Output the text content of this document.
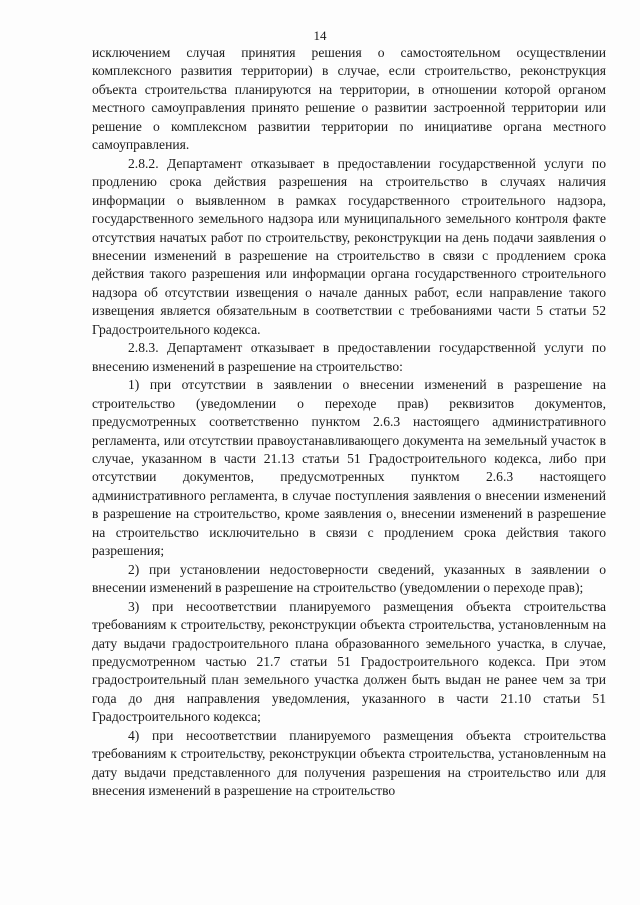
14

исключением случая принятия решения о самостоятельном осуществлении комплексного развития территории) в случае, если строительство, реконструкция объекта строительства планируются на территории, в отношении которой органом местного самоуправления принято решение о развитии застроенной территории или решение о комплексном развитии территории по инициативе органа местного самоуправления.

2.8.2. Департамент отказывает в предоставлении государственной услуги по продлению срока действия разрешения на строительство в случаях наличия информации о выявленном в рамках государственного строительного надзора, государственного земельного надзора или муниципального земельного контроля факте отсутствия начатых работ по строительству, реконструкции на день подачи заявления о внесении изменений в разрешение на строительство в связи с продлением срока действия такого разрешения или информации органа государственного строительного надзора об отсутствии извещения о начале данных работ, если направление такого извещения является обязательным в соответствии с требованиями части 5 статьи 52 Градостроительного кодекса.

2.8.3. Департамент отказывает в предоставлении государственной услуги по внесению изменений в разрешение на строительство:

1) при отсутствии в заявлении о внесении изменений в разрешение на строительство (уведомлении о переходе прав) реквизитов документов, предусмотренных соответственно пунктом 2.6.3 настоящего административного регламента, или отсутствии правоустанавливающего документа на земельный участок в случае, указанном в части 21.13 статьи 51 Градостроительного кодекса, либо при отсутствии документов, предусмотренных пунктом 2.6.3 настоящего административного регламента, в случае поступления заявления о внесении изменений в разрешение на строительство, кроме заявления о, внесении изменений в разрешение на строительство исключительно в связи с продлением срока действия такого разрешения;

2) при установлении недостоверности сведений, указанных в заявлении о внесении изменений в разрешение на строительство (уведомлении о переходе прав);

3) при несоответствии планируемого размещения объекта строительства требованиям к строительству, реконструкции объекта строительства, установленным на дату выдачи градостроительного плана образованного земельного участка, в случае, предусмотренном частью 21.7 статьи 51 Градостроительного кодекса. При этом градостроительный план земельного участка должен быть выдан не ранее чем за три года до дня направления уведомления, указанного в части 21.10 статьи 51 Градостроительного кодекса;

4) при несоответствии планируемого размещения объекта строительства требованиям к строительству, реконструкции объекта строительства, установленным на дату выдачи представленного для получения разрешения на строительство или для внесения изменений в разрешение на строительство
